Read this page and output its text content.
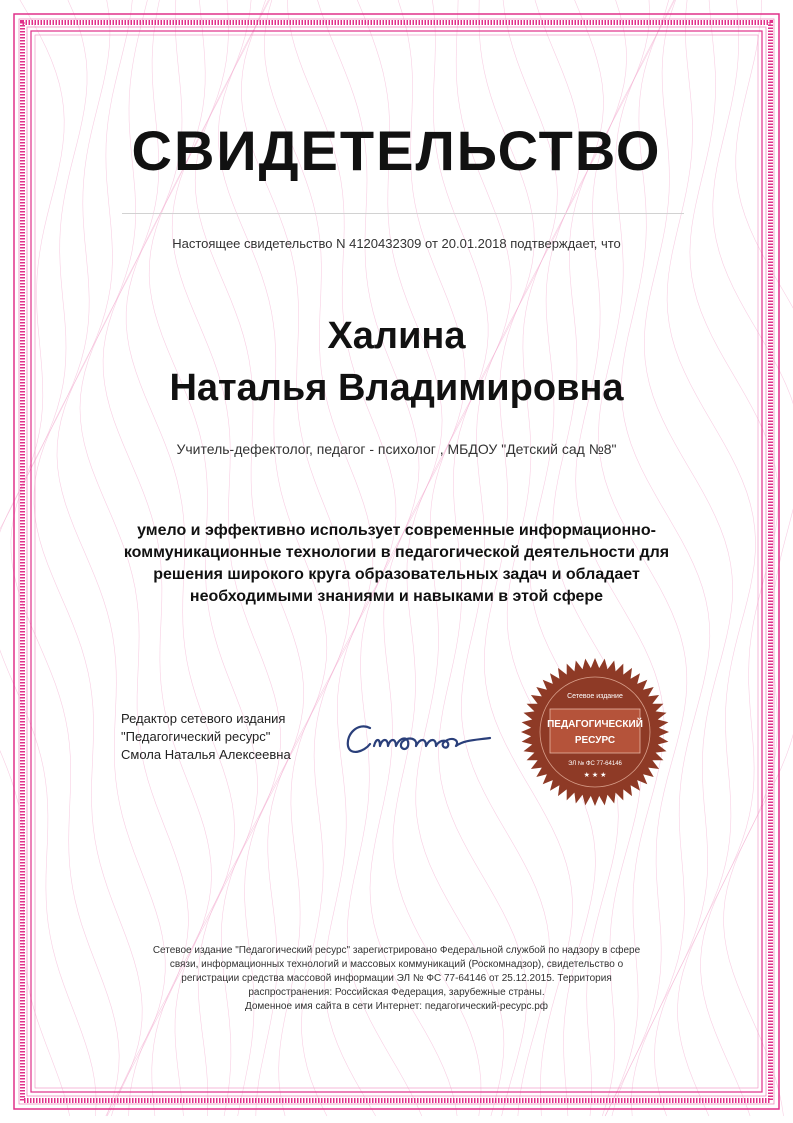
СВИДЕТЕЛЬСТВО
Настоящее свидетельство N 4120432309 от 20.01.2018 подтверждает, что
Халина
Наталья Владимировна
Учитель-дефектолог, педагог - психолог , МБДОУ "Детский сад №8"
умело и эффективно использует современные информационно-
коммуникационные технологии в педагогической деятельности для
решения широкого круга образовательных задач и обладает
необходимыми знаниями и навыками в этой сфере
Редактор сетевого издания
"Педагогический ресурс"
Смола Наталья Алексеевна
Сетевое издание
ПЕДАГОГИЧЕСКИЙ
РЕСУРС
ЭЛ № ФС 77-64146
★ ★ ★
Сетевое издание "Педагогический ресурс" зарегистрировано Федеральной службой по надзору в сфере
связи, информационных технологий и массовых коммуникаций (Роскомнадзор), свидетельство о
регистрации средства массовой информации ЭЛ № ФС 77-64146 от 25.12.2015. Территория
распространения: Российская Федерация, зарубежные страны.
Доменное имя сайта в сети Интернет: педагогический-ресурс.рф
